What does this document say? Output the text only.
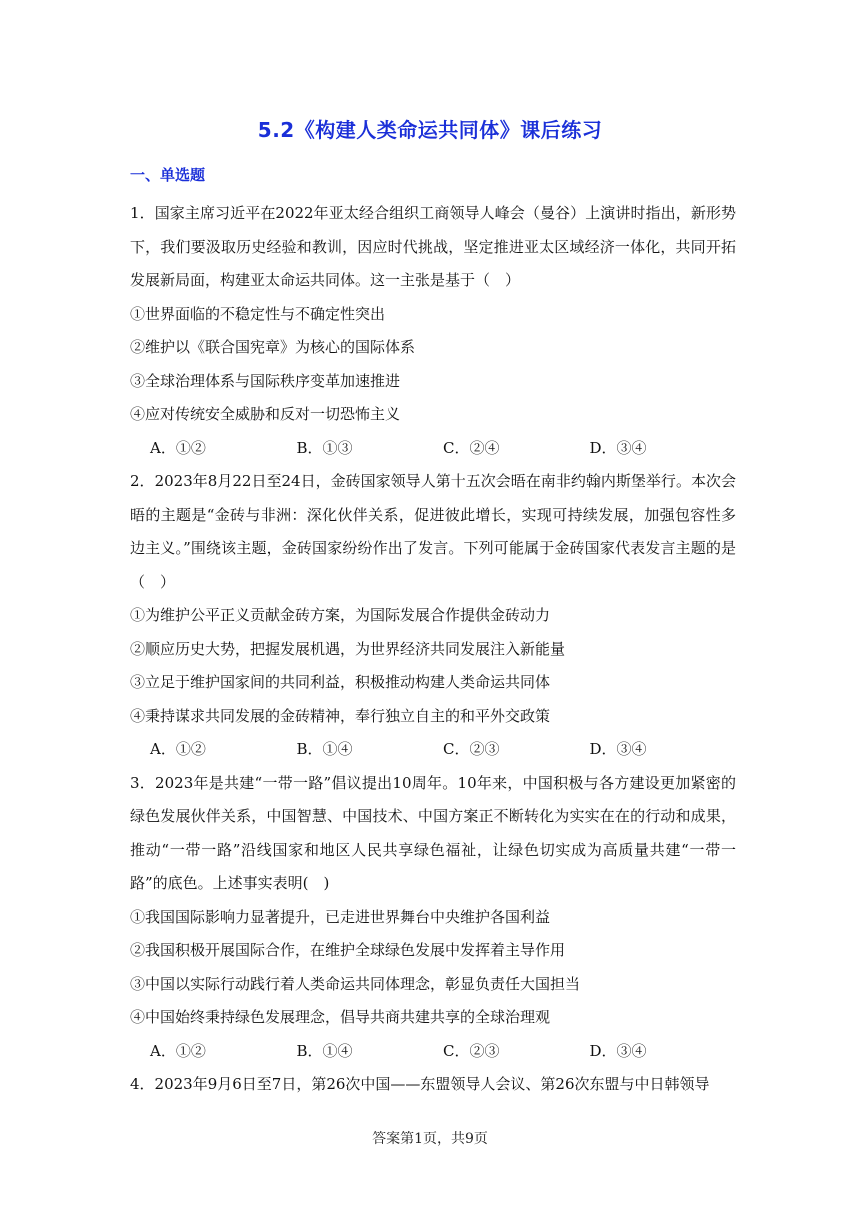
5.2《构建人类命运共同体》课后练习
一、单选题

1．国家主席习近平在2022年亚太经合组织工商领导人峰会（曼谷）上演讲时指出，新形势下，我们要汲取历史经验和教训，因应时代挑战，坚定推进亚太区域经济一体化，共同开拓发展新局面，构建亚太命运共同体。这一主张是基于（　）

①世界面临的不稳定性与不确定性突出

②维护以《联合国宪章》为核心的国际体系

③全球治理体系与国际秩序变革加速推进

④应对传统安全威胁和反对一切恐怖主义

A．①②	B．①③	C．②④	D．③④

2．2023年8月22日至24日，金砖国家领导人第十五次会晤在南非约翰内斯堡举行。本次会晤的主题是“金砖与非洲：深化伙伴关系，促进彼此增长，实现可持续发展，加强包容性多边主义。”围绕该主题，金砖国家纷纷作出了发言。下列可能属于金砖国家代表发言主题的是（　）

①为维护公平正义贡献金砖方案，为国际发展合作提供金砖动力

②顺应历史大势，把握发展机遇，为世界经济共同发展注入新能量

③立足于维护国家间的共同利益，积极推动构建人类命运共同体

④秉持谋求共同发展的金砖精神，奉行独立自主的和平外交政策

A．①②	B．①④	C．②③	D．③④

3．2023年是共建“一带一路”倡议提出10周年。10年来，中国积极与各方建设更加紧密的绿色发展伙伴关系，中国智慧、中国技术、中国方案正不断转化为实实在在的行动和成果，推动“一带一路”沿线国家和地区人民共享绿色福祉，让绿色切实成为高质量共建“一带一路”的底色。上述事实表明(　)

①我国国际影响力显著提升，已走进世界舞台中央维护各国利益

②我国积极开展国际合作，在维护全球绿色发展中发挥着主导作用

③中国以实际行动践行着人类命运共同体理念，彰显负责任大国担当

④中国始终秉持绿色发展理念，倡导共商共建共享的全球治理观

A．①②	B．①④	C．②③	D．③④

4．2023年9月6日至7日，第26次中国——东盟领导人会议、第26次东盟与中日韩领导

答案第1页，共9页
